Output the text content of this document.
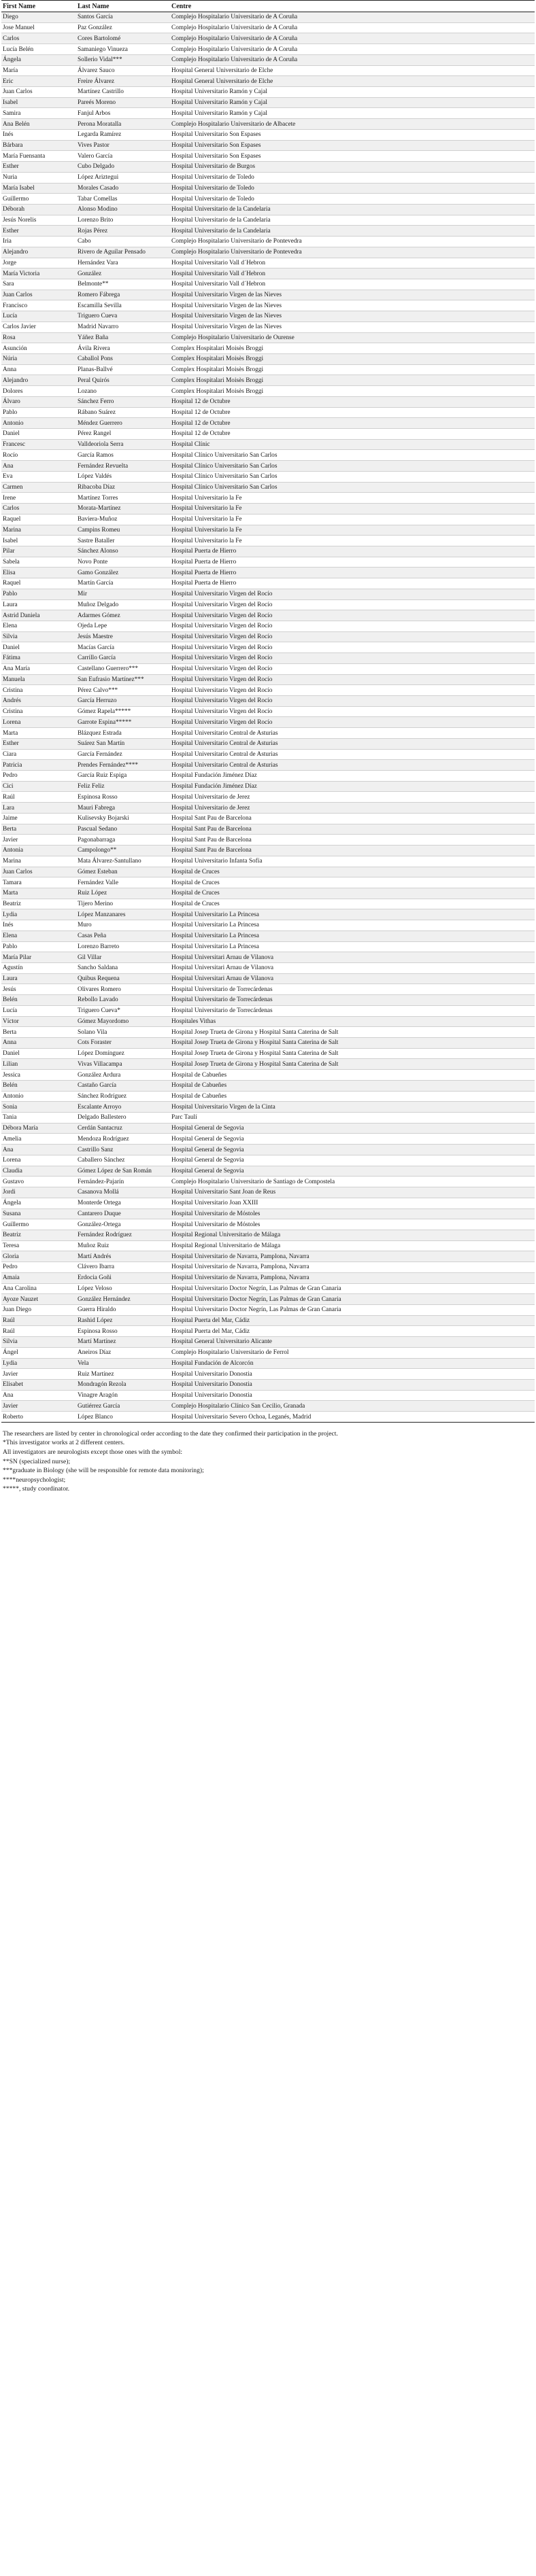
First Name	Last Name	Centre
Diego	Santos García	Complejo Hospitalario Universitario de A Coruña
Jose Manuel	Paz González	Complejo Hospitalario Universitario de A Coruña
Carlos	Cores Bartolomé	Complejo Hospitalario Universitario de A Coruña
Lucía Belén	Samaniego Vinueza	Complejo Hospitalario Universitario de A Coruña
Ángela	Sollerio Vidal***	Complejo Hospitalario Universitario de A Coruña
María	Álvarez Sauco	Hospital General Universitario de Elche
Eric	Freire Álvarez	Hospital General Universitario de Elche
Juan Carlos	Martínez Castrillo	Hospital Universitario Ramón y Cajal
Isabel	Pareés Moreno	Hospital Universitario Ramón y Cajal
Samira	Fanjul Arbos	Hospital Universitario Ramón y Cajal
Ana Belén	Perona Moratalla	Complejo Hospitalario Universitario de Albacete
Inés	Legarda Ramírez	Hospital Universitario Son Espases
Bárbara	Vives Pastor	Hospital Universitario Son Espases
María Fuensanta	Valero García	Hospital Universitario Son Espases
Esther	Cubo Delgado	Hospital Universitario de Burgos
Nuria	López Ariztegui	Hospital Universitario de Toledo
María Isabel	Morales Casado	Hospital Universitario de Toledo
Guillermo	Tabar Comellas	Hospital Universitario de Toledo
Déborah	Alonso Modino	Hospital Universitario de la Candelaria
Jesús Norelis	Lorenzo Brito	Hospital Universitario de la Candelaria
Esther	Rojas Pérez	Hospital Universitario de la Candelaria
Iria	Cabo	Complejo Hospitalario Universitario de Pontevedra
Alejandro	Rivero de Aguilar Pensado	Complejo Hospitalario Universitario de Pontevedra
Jorge	Hernández Vara	Hospital Universitario Vall d´Hebron
María Victoria	González	Hospital Universitario Vall d´Hebron
Sara	Belmonte**	Hospital Universitario Vall d´Hebron
Juan Carlos	Romero Fábrega	Hospital Universitario Virgen de las Nieves
Francisco	Escamilla Sevilla	Hospital Universitario Virgen de las Nieves
Lucía	Triguero Cueva	Hospital Universitario Virgen de las Nieves
Carlos Javier	Madrid Navarro	Hospital Universitario Virgen de las Nieves
Rosa	Yáñez Baña	Complejo Hospitalario Universitario de Ourense
Asunción	Ávila Rivera	Complex Hospitalari Moisès Broggi
Núria	Caballol Pons	Complex Hospitalari Moisès Broggi
Anna	Planas-Ballvé	Complex Hospitalari Moisès Broggi
Alejandro	Peral Quirós	Complex Hospitalari Moisès Broggi
Dolores	Lozano	Complex Hospitalari Moisès Broggi
Álvaro	Sánchez Ferro	Hospital 12 de Octubre
Pablo	Rábano Suárez	Hospital 12 de Octubre
Antonio	Méndez Guerrero	Hospital 12 de Octubre
Daniel	Pérez Rangel	Hospital 12 de Octubre
Francesc	Valldeoriola Serra	Hospital Clínic
Rocío	García Ramos	Hospital Clínico Universitario San Carlos
Ana	Fernández Revuelta	Hospital Clínico Universitario San Carlos
Eva	López Valdés	Hospital Clínico Universitario San Carlos
Carmen	Ribacoba Díaz	Hospital Clínico Universitario San Carlos
Irene	Martínez Torres	Hospital Universitario la Fe
Carlos	Morata-Martínez	Hospital Universitario la Fe
Raquel	Baviera-Muñoz	Hospital Universitario la Fe
Marina	Campins Romeu	Hospital Universitario la Fe
Isabel	Sastre Bataller	Hospital Universitario la Fe
Pilar	Sánchez Alonso	Hospital Puerta de Hierro
Sabela	Novo Ponte	Hospital Puerta de Hierro
Elisa	Gamo González	Hospital Puerta de Hierro
Raquel	Martín García	Hospital Puerta de Hierro
Pablo	Mir	Hospital Universitario Virgen del Rocío
Laura	Muñoz Delgado	Hospital Universitario Virgen del Rocío
Astrid Daniela	Adarmes Gómez	Hospital Universitario Virgen del Rocío
Elena	Ojeda Lepe	Hospital Universitario Virgen del Rocío
Silvia	Jesús Maestre	Hospital Universitario Virgen del Rocío
Daniel	Macías García	Hospital Universitario Virgen del Rocío
Fátima	Carrillo García	Hospital Universitario Virgen del Rocío
Ana María	Castellano Guerrero***	Hospital Universitario Virgen del Rocío
Manuela	San Eufrasio Martínez***	Hospital Universitario Virgen del Rocío
Cristina	Pérez Calvo***	Hospital Universitario Virgen del Rocío
Andrés	García Herruzo	Hospital Universitario Virgen del Rocío
Cristina	Gómez Rapela*****	Hospital Universitario Virgen del Rocío
Lorena	Garrote Espina*****	Hospital Universitario Virgen del Rocío
Marta	Blázquez Estrada	Hospital Universitario Central de Asturias
Esther	Suárez San Martín	Hospital Universitario Central de Asturias
Ciara	García Fernández	Hospital Universitario Central de Asturias
Patricia	Prendes Fernández****	Hospital Universitario Central de Asturias
Pedro	García Ruiz Espiga	Hospital Fundación Jiménez Díaz
Cici	Feliz Feliz	Hospital Fundación Jiménez Díaz
Raúl	Espinosa Rosso	Hospital Universitario de Jerez
Lara	Mauri Fabrega	Hospital Universitario de Jerez
Jaime	Kulisevsky Bojarski	Hospital Sant Pau de Barcelona
Berta	Pascual Sedano	Hospital Sant Pau de Barcelona
Javier	Pagonabarraga	Hospital Sant Pau de Barcelona
Antonia	Campolongo**	Hospital Sant Pau de Barcelona
Marina	Mata Álvarez-Santullano	Hospital Universitario Infanta Sofía
Juan Carlos	Gómez Esteban	Hospital de Cruces
Tamara	Fernández Valle	Hospital de Cruces
Marta	Ruiz López	Hospital de Cruces
Beatriz	Tijero Merino	Hospital de Cruces
Lydia	López Manzanares	Hospital Universitario La Princesa
Inés	Muro	Hospital Universitario La Princesa
Elena	Casas Peña	Hospital Universitario La Princesa
Pablo	Lorenzo Barreto	Hospital Universitario La Princesa
María Pilar	Gil Villar	Hospital Universitari Arnau de Vilanova
Agustín	Sancho Saldana	Hospital Universitari Arnau de Vilanova
Laura	Quibus Requena	Hospital Universitari Arnau de Vilanova
Jesús	Olivares Romero	Hospital Universitario de Torrecárdenas
Belén	Rebollo Lavado	Hospital Universitario de Torrecárdenas
Lucía	Triguero Cueva*	Hospital Universitario de Torrecárdenas
Víctor	Gómez Mayordomo	Hospitales Vithas
Berta	Solano Vila	Hospital Josep Trueta de Girona y Hospital Santa Caterina de Salt
Anna	Cots Foraster	Hospital Josep Trueta de Girona y Hospital Santa Caterina de Salt
Daniel	López Domínguez	Hospital Josep Trueta de Girona y Hospital Santa Caterina de Salt
Lilian	Vivas Villacampa	Hospital Josep Trueta de Girona y Hospital Santa Caterina de Salt
Jessica	González Ardura	Hospital de Cabueñes
Belén	Castaño García	Hospital de Cabueñes
Antonio	Sánchez Rodríguez	Hospital de Cabueñes
Sonia	Escalante Arroyo	Hospital Universitario Virgen de la Cinta
Tania	Delgado Ballestero	Parc Taulí
Débora María	Cerdán Santacruz	Hospital General de Segovia
Amelia	Mendoza Rodríguez	Hospital General de Segovia
Ana	Castrillo Sanz	Hospital General de Segovia
Lorena	Caballero Sánchez	Hospital General de Segovia
Claudia	Gómez López de San Román	Hospital General de Segovia
Gustavo	Fernández-Pajarín	Complejo Hospitalario Universitario de Santiago de Compostela
Jordi	Casanova Mollá	Hospital Universitario Sant Joan de Reus
Ángela	Monterde Ortega	Hospital Universitario Joan XXIII
Susana	Cantarero Duque	Hospital Universitario de Móstoles
Guillermo	González-Ortega	Hospital Universitario de Móstoles
Beatriz	Fernández Rodríguez	Hospital Regional Universitario de Málaga
Teresa	Muñoz Ruiz	Hospital Regional Universitario de Málaga
Gloria	Martí Andrés	Hospital Universitario de Navarra, Pamplona, Navarra
Pedro	Clávero Ibarra	Hospital Universitario de Navarra, Pamplona, Navarra
Amaia	Erdocia Goñi	Hospital Universitario de Navarra, Pamplona, Navarra
Ana Carolina	López Veloso	Hospital Universitario Doctor Negrín, Las Palmas de Gran Canaria
Ayoze Nauzet	González Hernández	Hospital Universitario Doctor Negrín, Las Palmas de Gran Canaria
Juan Diego	Guerra Hiraldo	Hospital Universitario Doctor Negrín, Las Palmas de Gran Canaria
Raúl	Rashid López	Hospital Puerta del Mar, Cádiz
Raúl	Espinosa Rosso	Hospital Puerta del Mar, Cádiz
Silvia	Martí Martínez	Hospital General Universitario Alicante
Ángel	Aneiros Díaz	Complejo Hospitalario Universitario de Ferrol
Lydia	Vela	Hospital Fundación de Alcorcón
Javier	Ruiz Martínez	Hospital Universitario Donostia
Elisabet	Mondragón Rezola	Hospital Universitario Donostia
Ana	Vinagre Aragón	Hospital Universitario Donostia
Javier	Gutiérrez García	Complejo Hospitalario Clínico San Cecilio, Granada
Roberto	López Blanco	Hospital Universitario Severo Ochoa, Leganés, Madrid

The researchers are listed by center in chronological order according to the date they confirmed their participation in the project.

*This investigator works at 2 different centers.

All investigators are neurologists except those ones with the symbol:

**SN (specialized nurse);

***graduate in Biology (she will be responsible for remote data monitoring);

****neuropsychologist;

*****, study coordinator.
